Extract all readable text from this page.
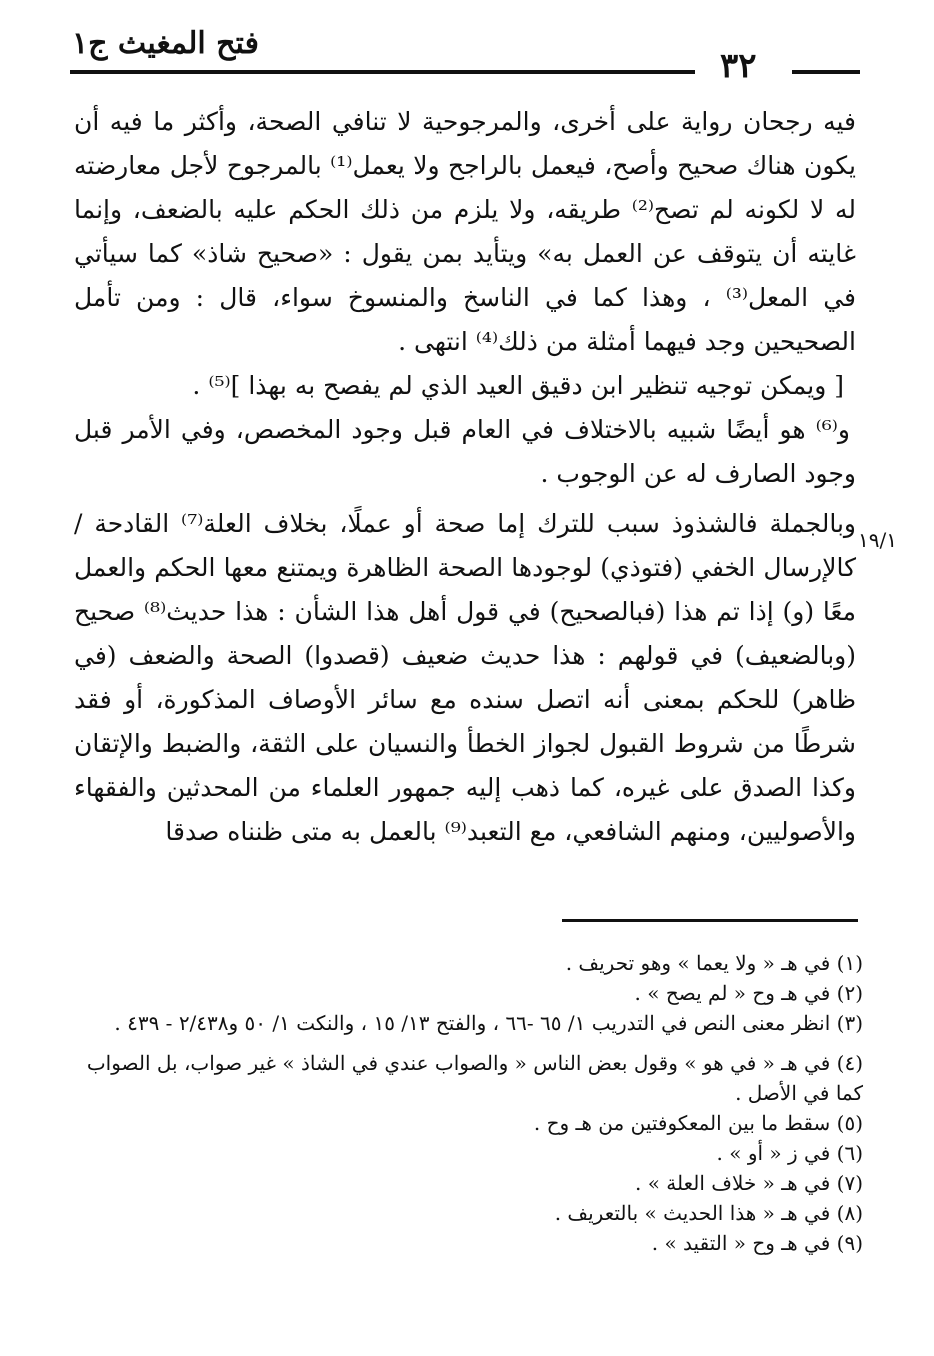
فتح المغيث ج١
٣٢

فيه رجحان رواية على أخرى، والمرجوحية لا تنافي الصحة، وأكثر ما فيه أن يكون هناك صحيح وأصح، فيعمل بالراجح ولا يعمل⁽¹⁾ بالمرجوح لأجل معارضته له لا لكونه لم تصح⁽²⁾ طريقه، ولا يلزم من ذلك الحكم عليه بالضعف، وإنما غايته أن يتوقف عن العمل به» ويتأيد بمن يقول : «صحيح شاذ» كما سيأتي في المعل⁽³⁾ ، وهذا كما في الناسخ والمنسوخ سواء، قال : ومن تأمل الصحيحين وجد فيهما أمثلة من ذلك⁽⁴⁾ انتهى .

[ ويمكن توجيه تنظير ابن دقيق العيد الذي لم يفصح به بهذا ]⁽⁵⁾ .

و⁽⁶⁾ هو أيضًا شبيه بالاختلاف في العام قبل وجود المخصص، وفي الأمر قبل وجود الصارف له عن الوجوب .

وبالجملة فالشذوذ سبب للترك إما صحة أو عملًا، بخلاف العلة⁽⁷⁾ القادحة / كالإرسال الخفي (فتوذي) لوجودها الصحة الظاهرة ويمتنع معها الحكم والعمل معًا (و) إذا تم هذا (فبالصحيح) في قول أهل هذا الشأن : هذا حديث⁽⁸⁾ صحيح (وبالضعيف) في قولهم : هذا حديث ضعيف (قصدوا) الصحة والضعف (في ظاهر) للحكم بمعنى أنه اتصل سنده مع سائر الأوصاف المذكورة، أو فقد شرطًا من شروط القبول لجواز الخطأ والنسيان على الثقة، والضبط والإتقان وكذا الصدق على غيره، كما ذهب إليه جمهور العلماء من المحدثين والفقهاء والأصوليين، ومنهم الشافعي، مع التعبد⁽⁹⁾ بالعمل به متى ظنناه صدقا

١٩/١

(١) في هـ « ولا يعما » وهو تحريف .

(٢) في هـ وح « لم يصح » .

(٣) انظر معنى النص في التدريب ١/ ٦٥ -٦٦ ، والفتح ١٣/ ١٥ ، والنكت ١/ ٥٠ و٢/٤٣٨ - ٤٣٩ .

(٤) في هـ « في هو » وقول بعض الناس « والصواب عندي في الشاذ » غير صواب، بل الصواب كما في الأصل .

(٥) سقط ما بين المعكوفتين من هـ وح .

(٦) في ز « أو » .

(٧) في هـ « خلاف العلة » .

(٨) في هـ « هذا الحديث » بالتعريف .

(٩) في هـ وح « التقيد » .
